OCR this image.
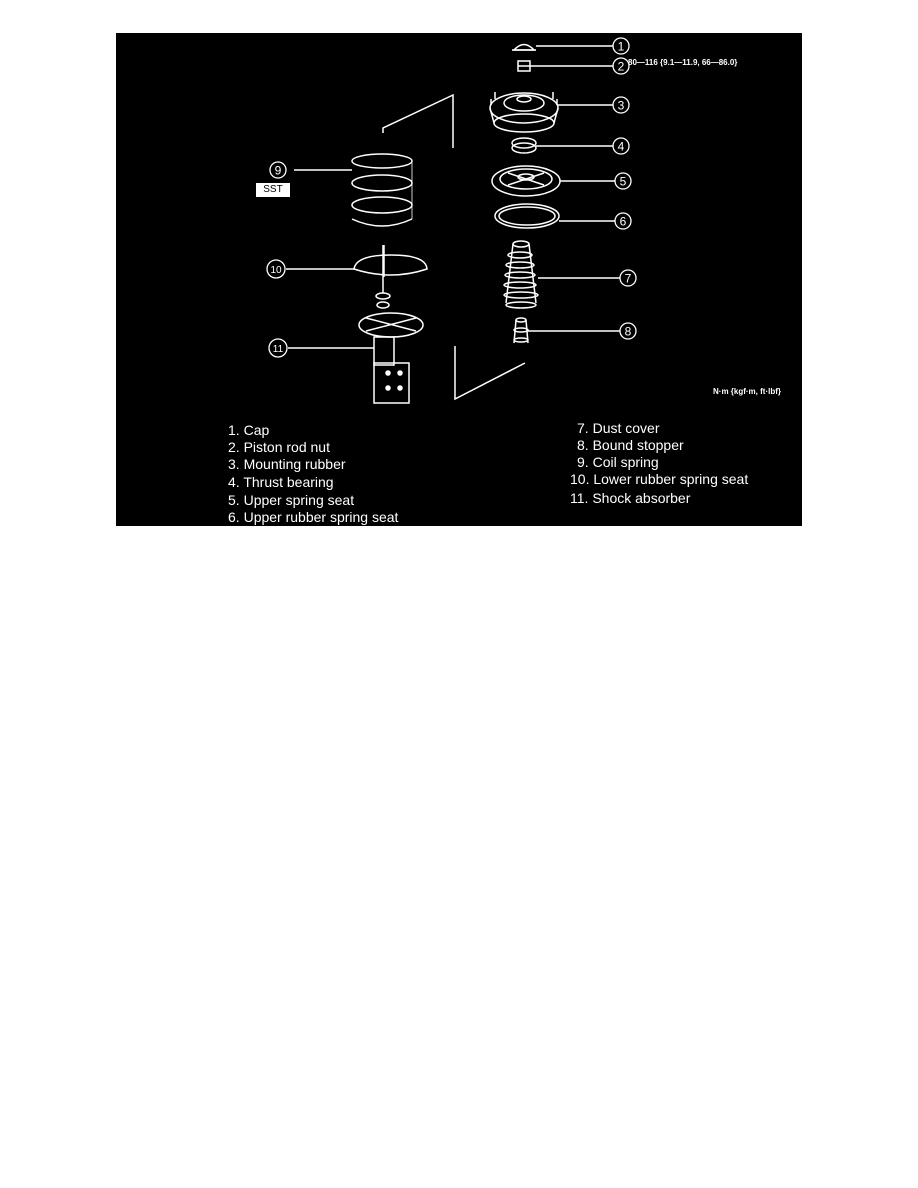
1
2
3
4
5
6
7
8
9
10
11
80—116 {9.1—11.9, 66—86.0}
N·m {kgf·m, ft·lbf}
SST
1. Cap
2. Piston rod nut
3. Mounting rubber
4. Thrust bearing
5. Upper spring seat
6. Upper rubber spring seat
7. Dust cover
8. Bound stopper
9. Coil spring
10. Lower rubber spring seat
11. Shock absorber
